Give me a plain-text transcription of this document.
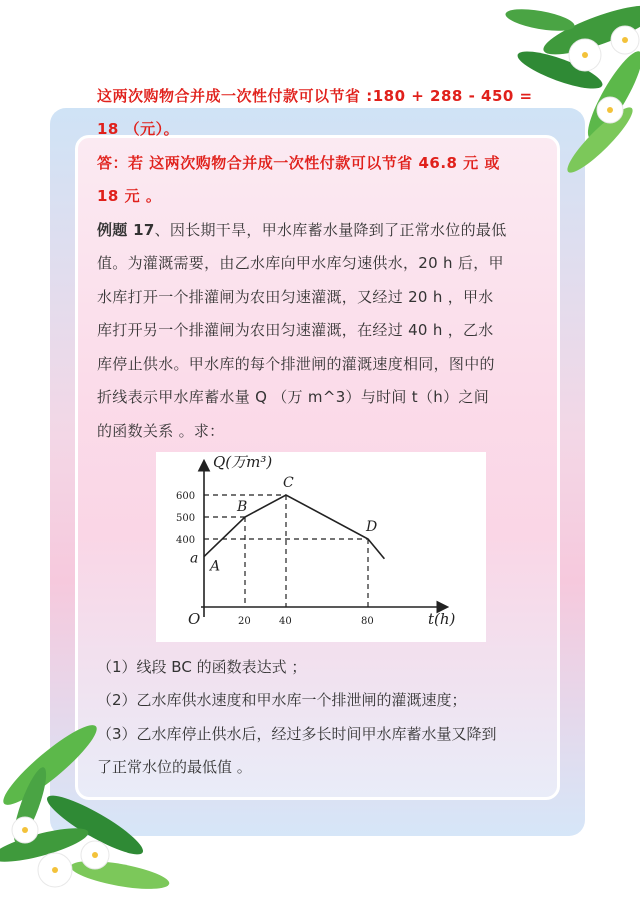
这两次购物合并成一次性付款可以节省 :180 + 288 - 450 =
18 （元）。
答：若 这两次购物合并成一次性付款可以节省 46.8 元 或
18 元 。
例题 17、因长期干旱，甲水库蓄水量降到了正常水位的最低
值。为灌溉需要，由乙水库向甲水库匀速供水，20 h 后，甲
水库打开一个排灌闸为农田匀速灌溉，又经过 20 h ，甲水
库打开另一个排灌闸为农田匀速灌溉，在经过 40 h ，乙水
库停止供水。甲水库的每个排泄闸的灌溉速度相同，图中的
折线表示甲水库蓄水量 Q （万 m^3）与时间 t（h）之间
的函数关系 。求：
A
B
C
D
a
20	40	80
400
500
600
Q(万m³)
t(h)
O
（1）线段 BC 的函数表达式 ；
（2）乙水库供水速度和甲水库一个排泄闸的灌溉速度；
（3）乙水库停止供水后，经过多长时间甲水库蓄水量又降到
了正常水位的最低值 。
